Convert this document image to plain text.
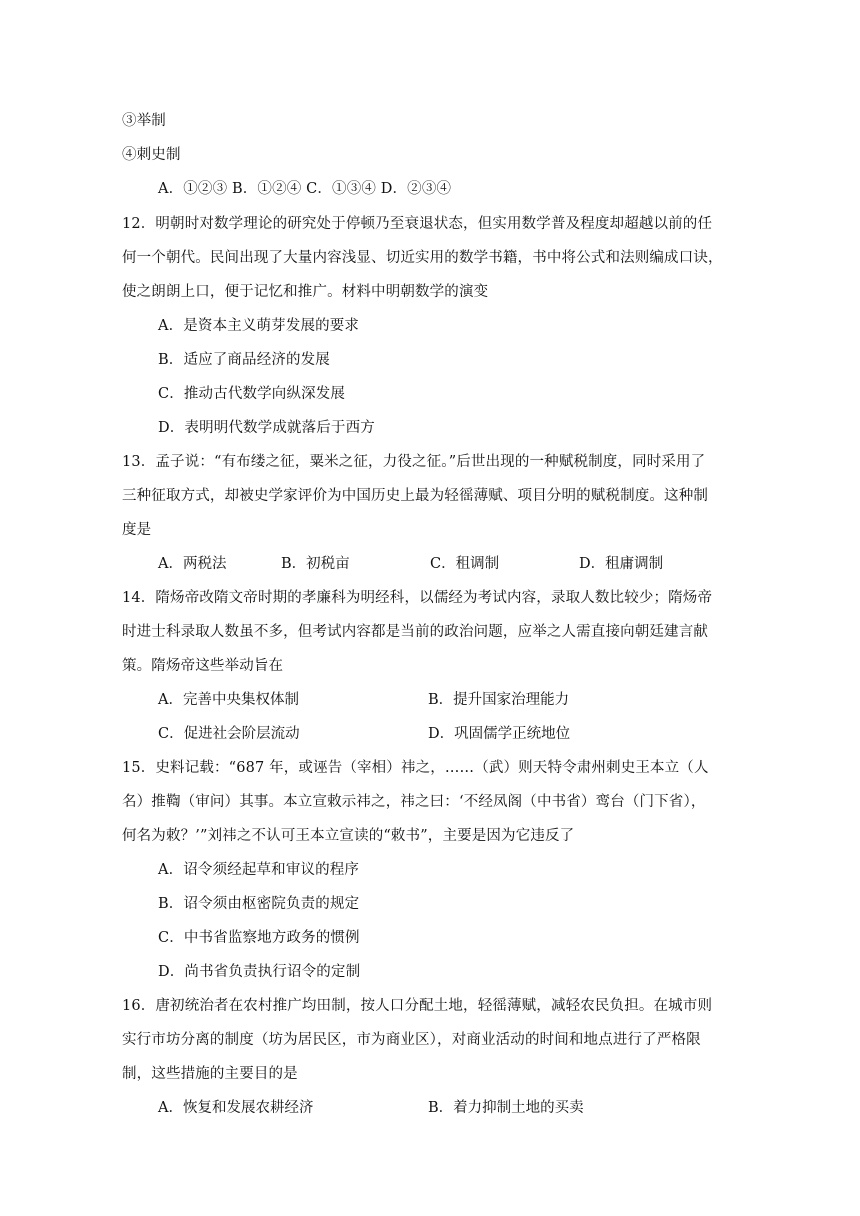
③举制
④刺史制
A．①②③ B．①②④ C．①③④ D．②③④
12．明朝时对数学理论的研究处于停顿乃至衰退状态，但实用数学普及程度却超越以前的任
何一个朝代。民间出现了大量内容浅显、切近实用的数学书籍，书中将公式和法则编成口诀，
使之朗朗上口，便于记忆和推广。材料中明朝数学的演变
A．是资本主义萌芽发展的要求
B．适应了商品经济的发展
C．推动古代数学向纵深发展
D．表明明代数学成就落后于西方
13．孟子说：“有布缕之征，粟米之征，力役之征。”后世出现的一种赋税制度，同时采用了
三种征取方式，却被史学家评价为中国历史上最为轻徭薄赋、项目分明的赋税制度。这种制
度是
A．两税法	B．初税亩	C．租调制	D．租庸调制
14．隋炀帝改隋文帝时期的孝廉科为明经科，以儒经为考试内容，录取人数比较少；隋炀帝
时进士科录取人数虽不多，但考试内容都是当前的政治问题，应举之人需直接向朝廷建言献
策。隋炀帝这些举动旨在
A．完善中央集权体制	B．提升国家治理能力
C．促进社会阶层流动	D．巩固儒学正统地位
15．史料记载：“687 年，或诬告（宰相）祎之，……（武）则天特令肃州刺史王本立（人
名）推鞫（审问）其事。本立宣敕示祎之，祎之曰：‘不经凤阁（中书省）鸾台（门下省），
何名为敕？’”刘祎之不认可王本立宣读的“敕书”，主要是因为它违反了
A．诏令须经起草和审议的程序
B．诏令须由枢密院负责的规定
C．中书省监察地方政务的惯例
D．尚书省负责执行诏令的定制
16．唐初统治者在农村推广均田制，按人口分配土地，轻徭薄赋，减轻农民负担。在城市则
实行市坊分离的制度（坊为居民区，市为商业区），对商业活动的时间和地点进行了严格限
制，这些措施的主要目的是
A．恢复和发展农耕经济	B．着力抑制土地的买卖
